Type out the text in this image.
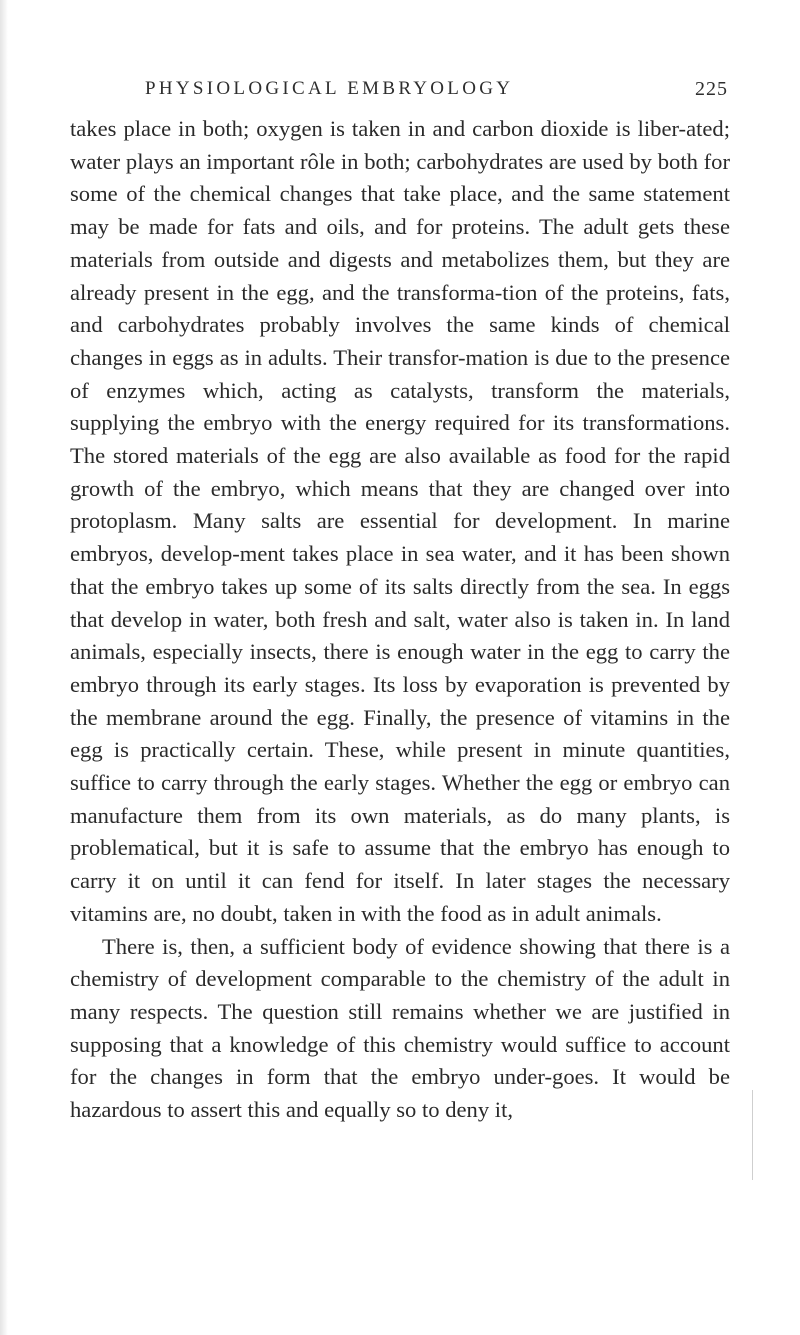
PHYSIOLOGICAL EMBRYOLOGY	225

takes place in both; oxygen is taken in and carbon dioxide is liber-ated; water plays an important rôle in both; carbohydrates are used by both for some of the chemical changes that take place, and the same statement may be made for fats and oils, and for proteins. The adult gets these materials from outside and digests and metabolizes them, but they are already present in the egg, and the transforma-tion of the proteins, fats, and carbohydrates probably involves the same kinds of chemical changes in eggs as in adults. Their transfor-mation is due to the presence of enzymes which, acting as catalysts, transform the materials, supplying the embryo with the energy required for its transformations. The stored materials of the egg are also available as food for the rapid growth of the embryo, which means that they are changed over into protoplasm. Many salts are essential for development. In marine embryos, develop-ment takes place in sea water, and it has been shown that the embryo takes up some of its salts directly from the sea. In eggs that develop in water, both fresh and salt, water also is taken in. In land animals, especially insects, there is enough water in the egg to carry the embryo through its early stages. Its loss by evaporation is prevented by the membrane around the egg. Finally, the presence of vitamins in the egg is practically certain. These, while present in minute quantities, suffice to carry through the early stages. Whether the egg or embryo can manufacture them from its own materials, as do many plants, is problematical, but it is safe to assume that the embryo has enough to carry it on until it can fend for itself. In later stages the necessary vitamins are, no doubt, taken in with the food as in adult animals.

There is, then, a sufficient body of evidence showing that there is a chemistry of development comparable to the chemistry of the adult in many respects. The question still remains whether we are justified in supposing that a knowledge of this chemistry would suffice to account for the changes in form that the embryo under-goes. It would be hazardous to assert this and equally so to deny it,
